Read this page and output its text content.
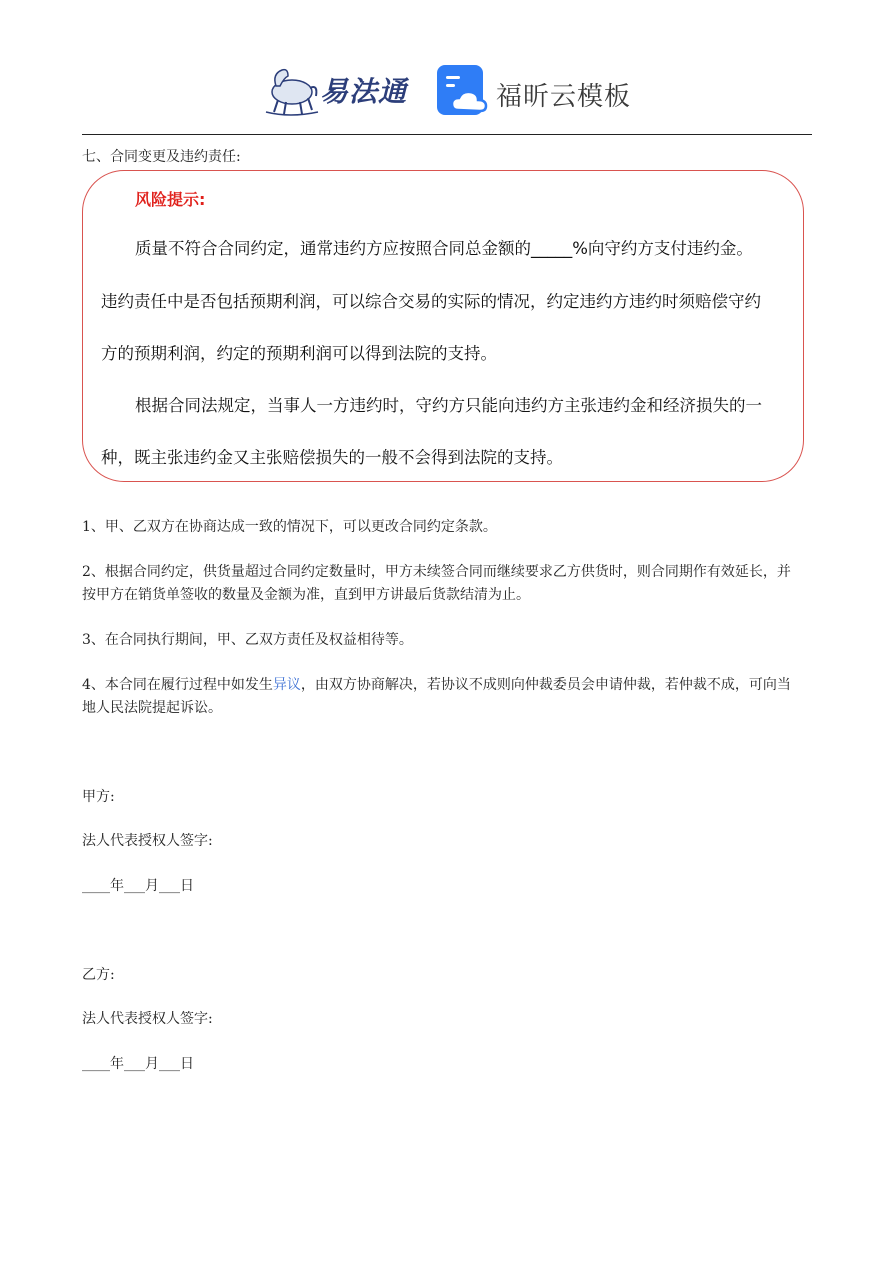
易法通	福昕云模板
七、合同变更及违约责任:
风险提示:
质量不符合合同约定，通常违约方应按照合同总金额的_____%向守约方支付违约金。
违约责任中是否包括预期利润，可以综合交易的实际的情况，约定违约方违约时须赔偿守约
方的预期利润，约定的预期利润可以得到法院的支持。
根据合同法规定，当事人一方违约时，守约方只能向违约方主张违约金和经济损失的一
种，既主张违约金又主张赔偿损失的一般不会得到法院的支持。
1、甲、乙双方在协商达成一致的情况下，可以更改合同约定条款。
2、根据合同约定，供货量超过合同约定数量时，甲方未续签合同而继续要求乙方供货时，则合同期作有效延长，并按甲方在销货单签收的数量及金额为准，直到甲方讲最后货款结清为止。
3、在合同执行期间，甲、乙双方责任及权益相待等。
4、本合同在履行过程中如发生异议，由双方协商解决，若协议不成则向仲裁委员会申请仲裁，若仲裁不成，可向当地人民法院提起诉讼。
甲方:
法人代表授权人签字:
____年___月___日
乙方:
法人代表授权人签字:
____年___月___日
